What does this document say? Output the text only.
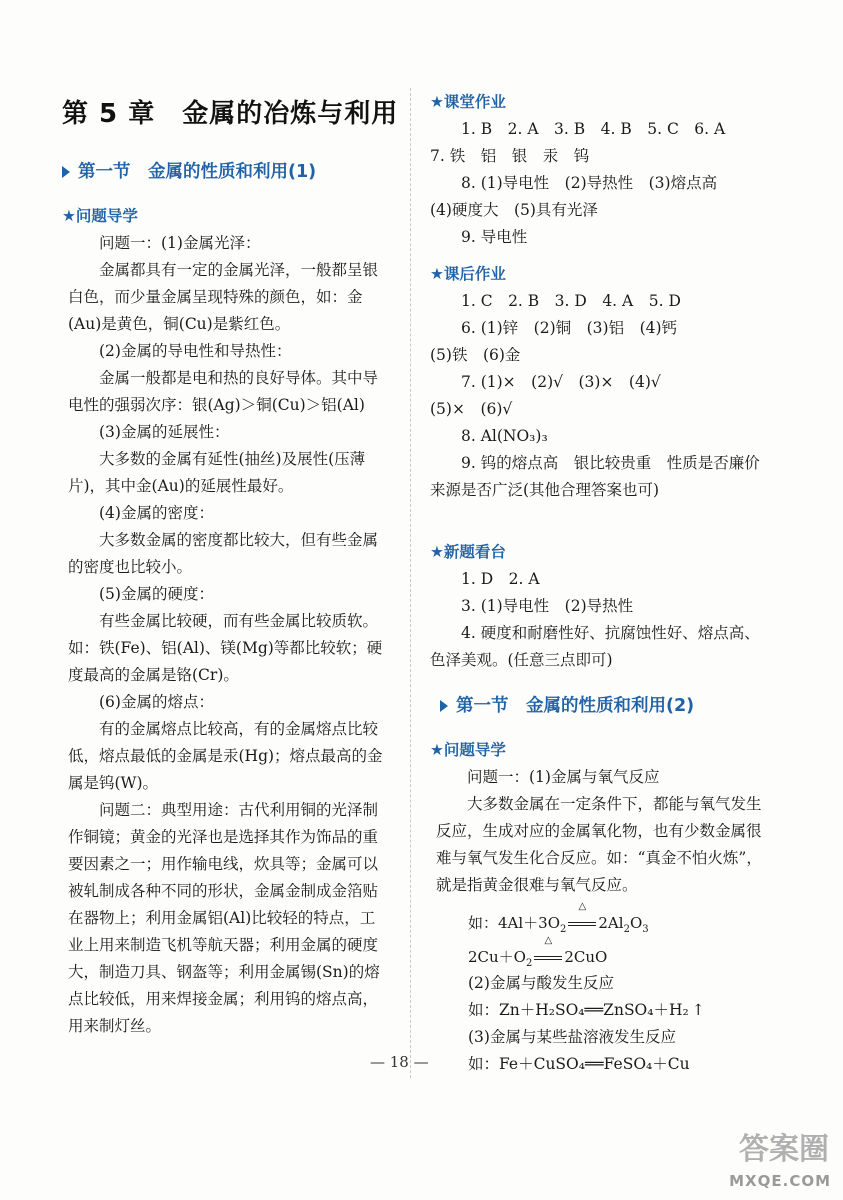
第 5 章　金属的冶炼与利用
第一节　金属的性质和利用(1)
★问题导学

问题一：(1)金属光泽：

金属都具有一定的金属光泽，一般都呈银白色，而少量金属呈现特殊的颜色，如：金(Au)是黄色，铜(Cu)是紫红色。

(2)金属的导电性和导热性：

金属一般都是电和热的良好导体。其中导电性的强弱次序：银(Ag)＞铜(Cu)＞铝(Al)

(3)金属的延展性：

大多数的金属有延性(抽丝)及展性(压薄片)，其中金(Au)的延展性最好。

(4)金属的密度：

大多数金属的密度都比较大，但有些金属的密度也比较小。

(5)金属的硬度：

有些金属比较硬，而有些金属比较质软。如：铁(Fe)、铝(Al)、镁(Mg)等都比较软；硬度最高的金属是铬(Cr)。

(6)金属的熔点：

有的金属熔点比较高，有的金属熔点比较低，熔点最低的金属是汞(Hg)；熔点最高的金属是钨(W)。

问题二：典型用途：古代利用铜的光泽制作铜镜；黄金的光泽也是选择其作为饰品的重要因素之一；用作输电线，炊具等；金属可以被轧制成各种不同的形状，金属金制成金箔贴在器物上；利用金属铝(Al)比较轻的特点，工业上用来制造飞机等航天器；利用金属的硬度大，制造刀具、钢盔等；利用金属锡(Sn)的熔点比较低，用来焊接金属；利用钨的熔点高，用来制灯丝。

★课堂作业

1. B　2. A　3. B　4. B　5. C　6. A

7. 铁　铝　银　汞　钨

8. (1)导电性　(2)导热性　(3)熔点高

(4)硬度大　(5)具有光泽

9. 导电性

★课后作业

1. C　2. B　3. D　4. A　5. D

6. (1)锌　(2)铜　(3)铝　(4)钙

(5)铁　(6)金

7. (1)×　(2)√　(3)×　(4)√

(5)×　(6)√

8. Al(NO₃)₃

9. 钨的熔点高　银比较贵重　性质是否廉价　来源是否广泛(其他合理答案也可)

★新题看台

1. D　2. A

3. (1)导电性　(2)导热性

4. 硬度和耐磨性好、抗腐蚀性好、熔点高、色泽美观。(任意三点即可)

第一节　金属的性质和利用(2)
★问题导学

问题一：(1)金属与氧气反应

大多数金属在一定条件下，都能与氧气发生反应，生成对应的金属氧化物，也有少数金属很难与氧气发生化合反应。如：“真金不怕火炼”，就是指黄金很难与氧气反应。

如：$4Al+3O_2$
△
$2Al_2O_3$
$2Cu+O_2$
△
2CuO

(2)金属与酸发生反应

如：Zn＋H₂SO₄══ZnSO₄＋H₂ ↑

(3)金属与某些盐溶液发生反应

如：Fe＋CuSO₄══FeSO₄＋Cu

— 18 —
答案圈
MXQE.COM
